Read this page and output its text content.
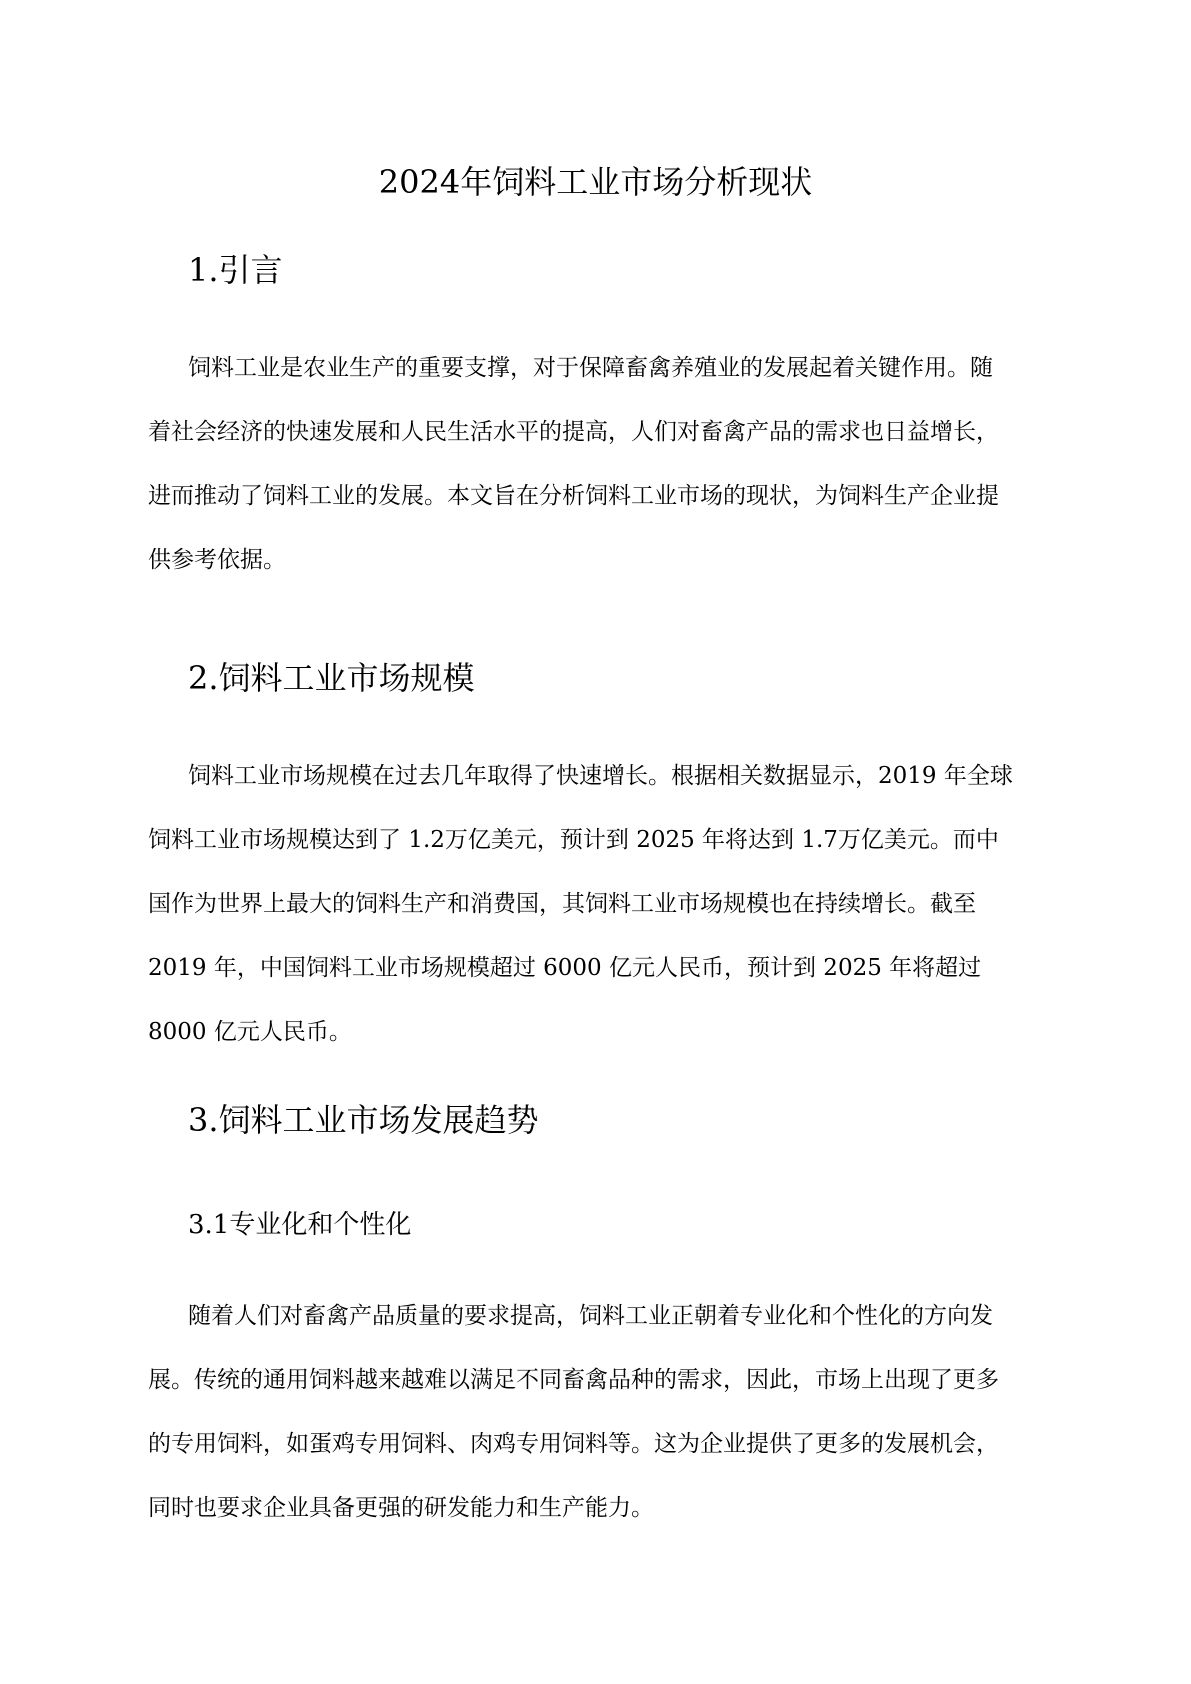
2024年饲料工业市场分析现状
1.引言
饲料工业是农业生产的重要支撑，对于保障畜禽养殖业的发展起着关键作用。随
着社会经济的快速发展和人民生活水平的提高，人们对畜禽产品的需求也日益增长，
进而推动了饲料工业的发展。本文旨在分析饲料工业市场的现状，为饲料生产企业提
供参考依据。
2.饲料工业市场规模
饲料工业市场规模在过去几年取得了快速增长。根据相关数据显示，2019 年全球
饲料工业市场规模达到了 1.2万亿美元，预计到 2025 年将达到 1.7万亿美元。而中
国作为世界上最大的饲料生产和消费国，其饲料工业市场规模也在持续增长。截至
2019 年，中国饲料工业市场规模超过 6000 亿元人民币，预计到 2025 年将超过
8000 亿元人民币。
3.饲料工业市场发展趋势
3.1专业化和个性化
随着人们对畜禽产品质量的要求提高，饲料工业正朝着专业化和个性化的方向发
展。传统的通用饲料越来越难以满足不同畜禽品种的需求，因此，市场上出现了更多
的专用饲料，如蛋鸡专用饲料、肉鸡专用饲料等。这为企业提供了更多的发展机会，
同时也要求企业具备更强的研发能力和生产能力。
